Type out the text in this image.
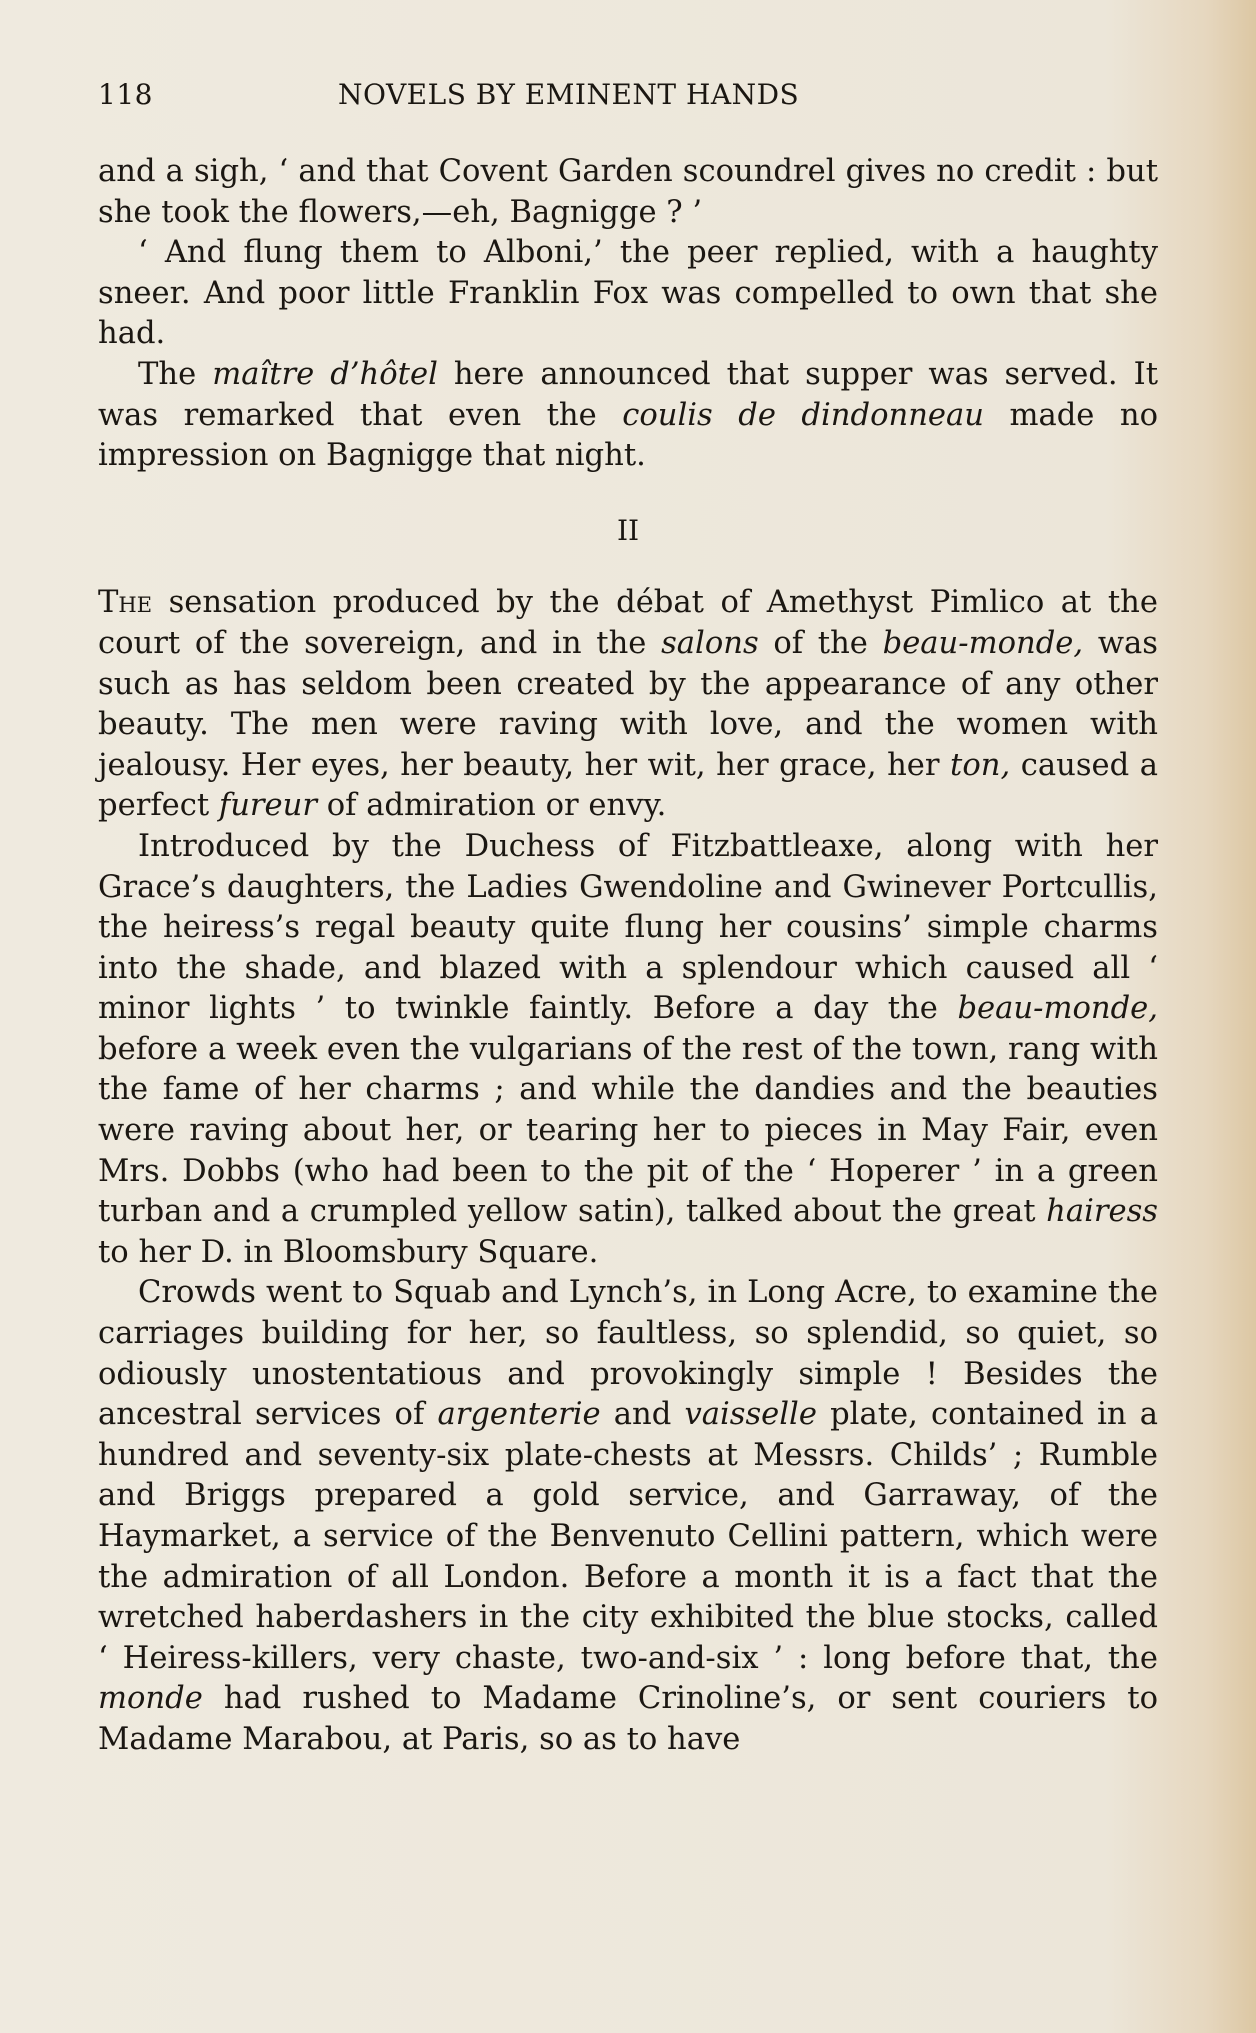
118	NOVELS BY EMINENT HANDS

and a sigh, ‘ and that Covent Garden scoundrel gives no credit : but she took the flowers,—eh, Bagnigge ? ’

‘ And flung them to Alboni,’ the peer replied, with a haughty sneer. And poor little Franklin Fox was compelled to own that she had.

The maître d’hôtel here announced that supper was served. It was remarked that even the coulis de dindonneau made no impression on Bagnigge that night.

II

The sensation produced by the débat of Amethyst Pimlico at the court of the sovereign, and in the salons of the beau-monde, was such as has seldom been created by the appearance of any other beauty. The men were raving with love, and the women with jealousy. Her eyes, her beauty, her wit, her grace, her ton, caused a perfect fureur of admiration or envy.

Introduced by the Duchess of Fitzbattleaxe, along with her Grace’s daughters, the Ladies Gwendoline and Gwinever Portcullis, the heiress’s regal beauty quite flung her cousins’ simple charms into the shade, and blazed with a splendour which caused all ‘ minor lights ’ to twinkle faintly. Before a day the beau-monde, before a week even the vulgarians of the rest of the town, rang with the fame of her charms ; and while the dandies and the beauties were raving about her, or tearing her to pieces in May Fair, even Mrs. Dobbs (who had been to the pit of the ‘ Hoperer ’ in a green turban and a crumpled yellow satin), talked about the great hairess to her D. in Bloomsbury Square.

Crowds went to Squab and Lynch’s, in Long Acre, to examine the carriages building for her, so faultless, so splendid, so quiet, so odiously unostentatious and provokingly simple ! Besides the ancestral services of argenterie and vaisselle plate, contained in a hundred and seventy-six plate-chests at Messrs. Childs’ ; Rumble and Briggs prepared a gold service, and Garraway, of the Haymarket, a service of the Benvenuto Cellini pattern, which were the admiration of all London. Before a month it is a fact that the wretched haberdashers in the city exhibited the blue stocks, called ‘ Heiress-killers, very chaste, two-and-six ’ : long before that, the monde had rushed to Madame Crinoline’s, or sent couriers to Madame Marabou, at Paris, so as to have
